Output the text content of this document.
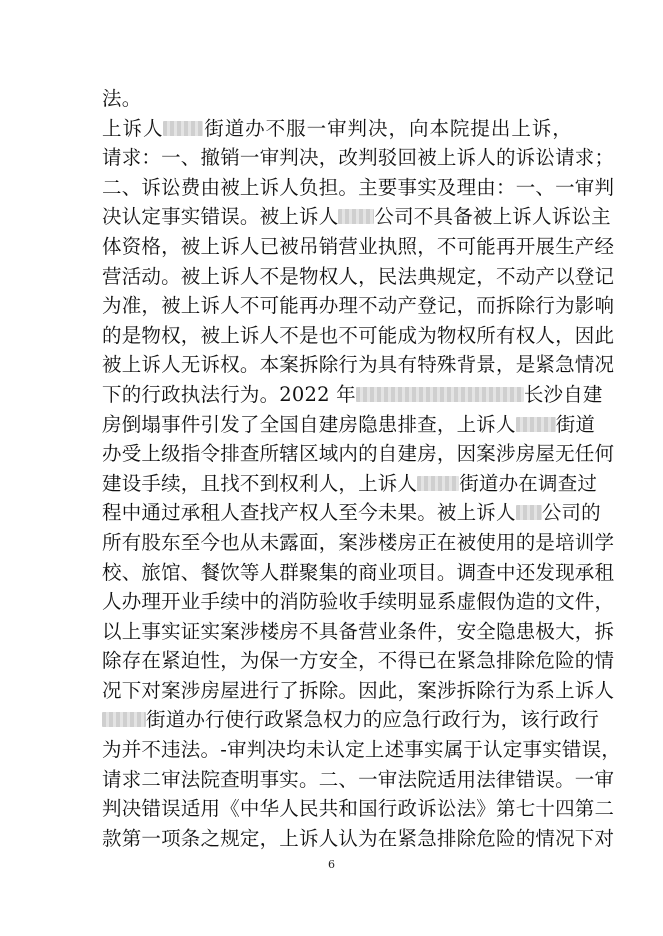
法。
上诉人 街道办不服一审判决，向本院提出上诉，
请求：一、撤销一审判决，改判驳回被上诉人的诉讼请求；
二、诉讼费由被上诉人负担。主要事实及理由：一、一审判
决认定事实错误。被上诉人 公司不具备被上诉人诉讼主
体资格，被上诉人已被吊销营业执照，不可能再开展生产经
营活动。被上诉人不是物权人，民法典规定，不动产以登记
为准，被上诉人不可能再办理不动产登记，而拆除行为影响
的是物权，被上诉人不是也不可能成为物权所有权人，因此
被上诉人无诉权。本案拆除行为具有特殊背景，是紧急情况
下的行政执法行为。2022 年	长沙自建
房倒塌事件引发了全国自建房隐患排查，上诉人 街道
办受上级指令排查所辖区域内的自建房，因案涉房屋无任何
建设手续，且找不到权利人，上诉人 街道办在调查过
程中通过承租人查找产权人至今未果。被上诉人 公司的
所有股东至今也从未露面，案涉楼房正在被使用的是培训学
校、旅馆、餐饮等人群聚集的商业项目。调查中还发现承租
人办理开业手续中的消防验收手续明显系虚假伪造的文件，
以上事实证实案涉楼房不具备营业条件，安全隐患极大，拆
除存在紧迫性，为保一方安全，不得已在紧急排除危险的情
况下对案涉房屋进行了拆除。因此，案涉拆除行为系上诉人
街道办行使行政紧急权力的应急行政行为，该行政行
为并不违法。-审判决均未认定上述事实属于认定事实错误，
请求二审法院查明事实。二、一审法院适用法律错误。一审
判决错误适用《中华人民共和国行政诉讼法》第七十四第二
款第一项条之规定，上诉人认为在紧急排除危险的情况下对
6
